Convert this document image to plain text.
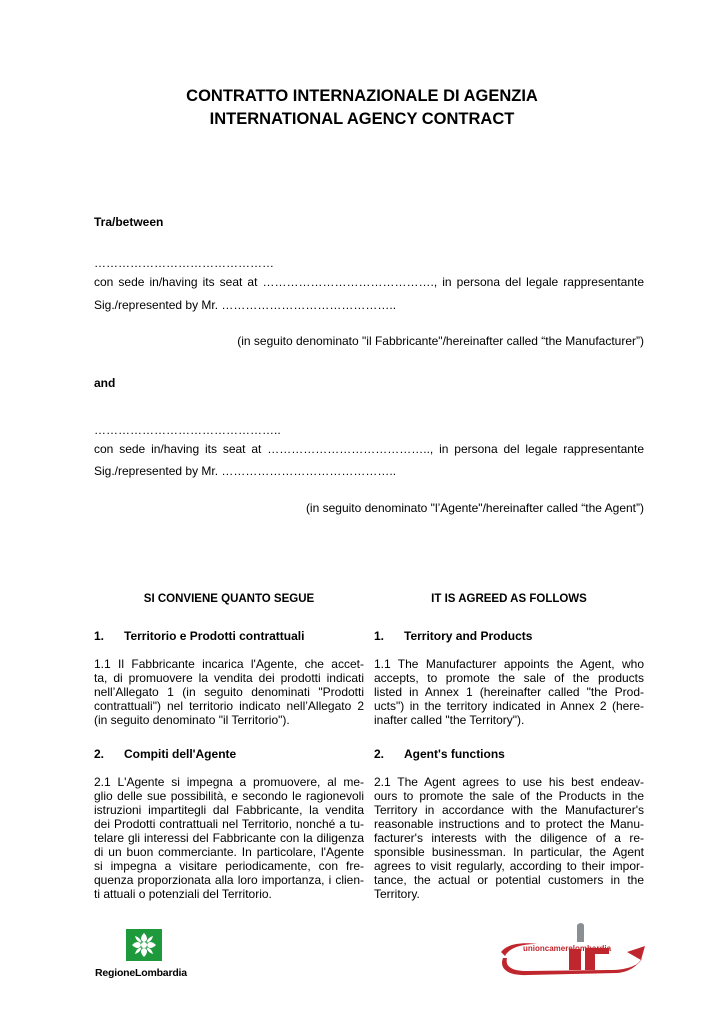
CONTRATTO INTERNAZIONALE DI AGENZIA
INTERNATIONAL AGENCY CONTRACT
Tra/between
………………………………………
con sede in/having its seat at ……………………………………., in persona del legale rappresentante
Sig./represented by Mr. ……………………………………..
(in seguito denominato "il Fabbricante"/hereinafter called “the Manufacturer”)
and
………………………………………..
con sede in/having its seat at ………………………………….., in persona del legale rappresentante
Sig./represented by Mr. ……………………………………..
(in seguito denominato "l’Agente"/hereinafter called “the Agent”)
SI CONVIENE QUANTO SEGUE	IT IS AGREED AS FOLLOWS
1. Territorio e Prodotti contrattuali	1. Territory and Products
1.1 Il Fabbricante incarica l'Agente, che accet-
ta, di promuovere la vendita dei prodotti indicati
nell’Allegato 1 (in seguito denominati "Prodotti
contrattuali") nel territorio indicato nell’Allegato 2
(in seguito denominato "il Territorio").
1.1 The Manufacturer appoints the Agent, who
accepts, to promote the sale of the products
listed in Annex 1 (hereinafter called "the Prod-
ucts") in the territory indicated in Annex 2 (here-
inafter called "the Territory").
2. Compiti dell'Agente	2. Agent's functions
2.1 L'Agente si impegna a promuovere, al me-
glio delle sue possibilità, e secondo le ragionevoli
istruzioni impartitegli dal Fabbricante, la vendita
dei Prodotti contrattuali nel Territorio, nonché a tu-
telare gli interessi del Fabbricante con la diligenza
di un buon commerciante. In particolare, l'Agente
si impegna a visitare periodicamente, con fre-
quenza proporzionata alla loro importanza, i clien-
ti attuali o potenziali del Territorio.
2.1 The Agent agrees to use his best endeav-
ours to promote the sale of the Products in the
Territory in accordance with the Manufacturer's
reasonable instructions and to protect the Manu-
facturer's interests with the diligence of a re-
sponsible businessman. In particular, the Agent
agrees to visit regularly, according to their impor-
tance, the actual or potential customers in the
Territory.
RegioneLombardia
unioncamerelombardia
